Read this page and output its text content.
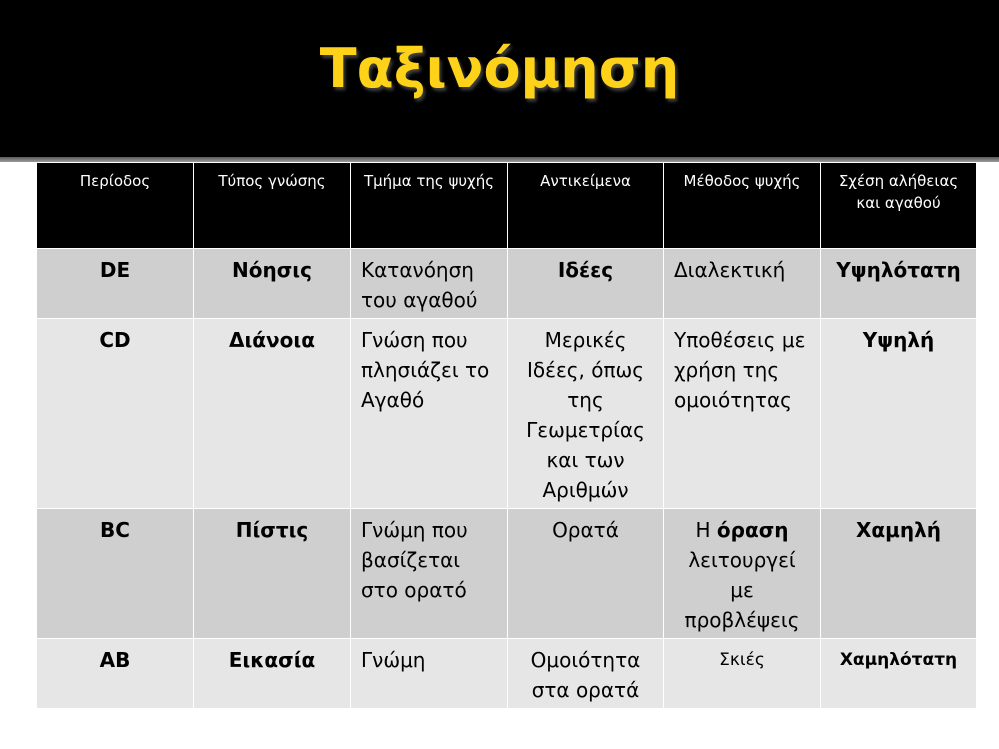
Ταξινόμηση
Περίοδος	Τύπος γνώσης	Τμήμα της ψυχής	Αντικείμενα	Μέθοδος ψυχής	Σχέση αλήθειας και αγαθού
DE	Νόησις	Κατανόηση του αγαθού	Ιδέες	Διαλεκτική	Υψηλότατη
CD	Διάνοια	Γνώση που πλησιάζει το Αγαθό	Μερικές Ιδέες, όπως της Γεωμετρίας και των Αριθμών	Υποθέσεις με χρήση της ομοιότητας	Υψηλή
BC	Πίστις	Γνώμη που βασίζεται στο ορατό	Ορατά	Η όραση λειτουργεί με προβλέψεις	Χαμηλή
AB	Εικασία	Γνώμη	Ομοιότητα στα ορατά	Σκιές	Χαμηλότατη
